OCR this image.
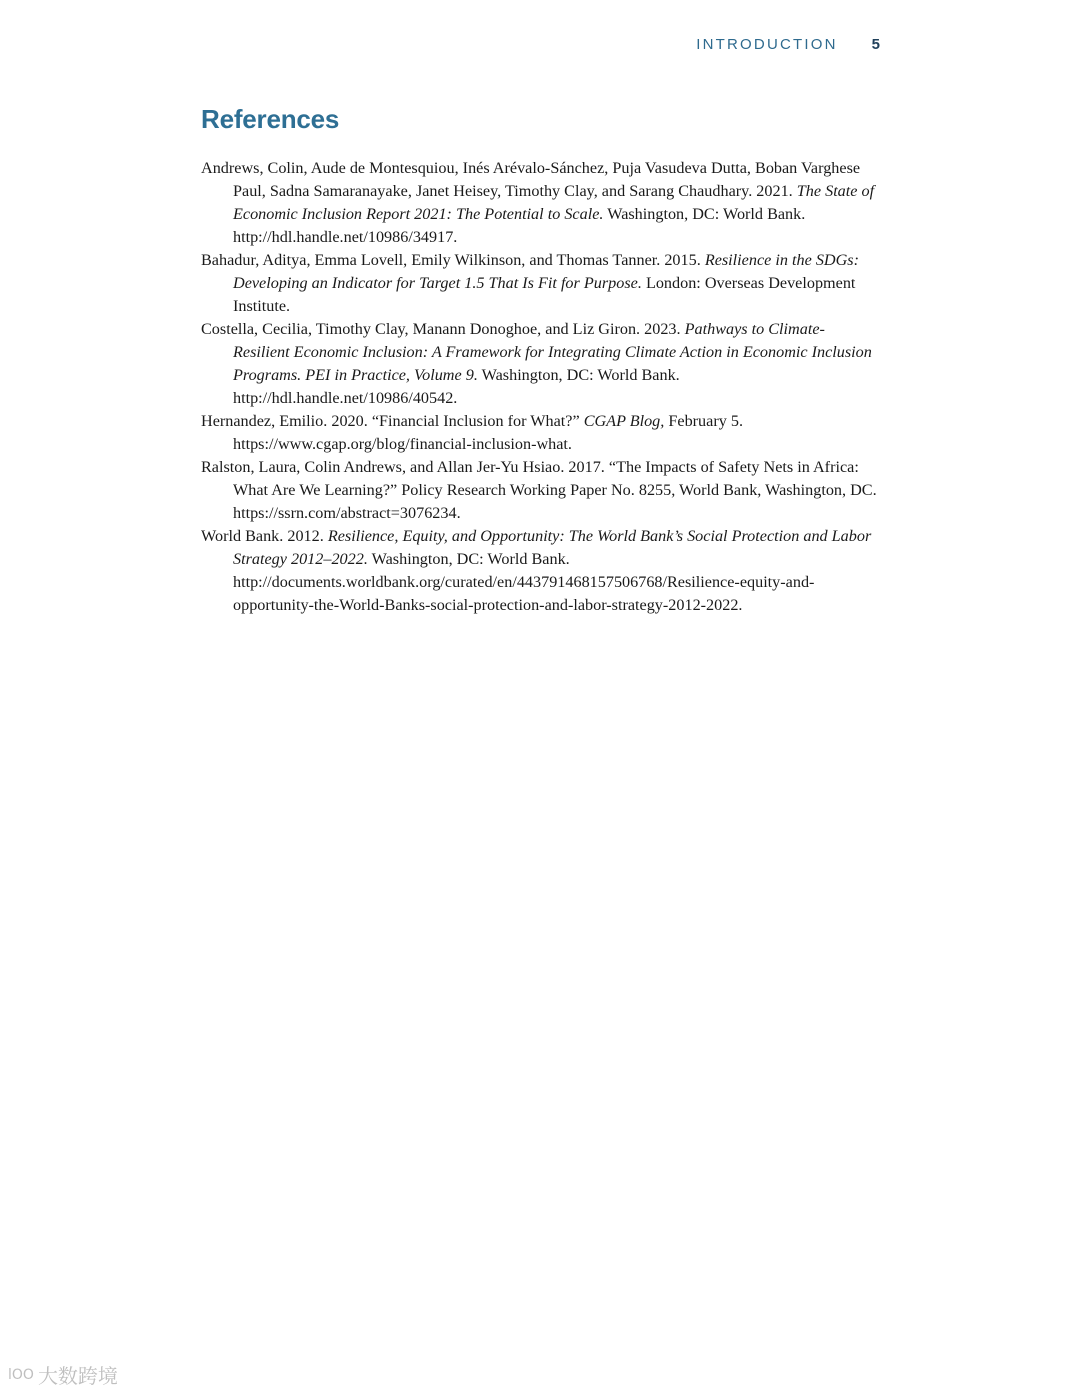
INTRODUCTION 5
References
Andrews, Colin, Aude de Montesquiou, Inés Arévalo-Sánchez, Puja Vasudeva Dutta, Boban Varghese Paul, Sadna Samaranayake, Janet Heisey, Timothy Clay, and Sarang Chaudhary. 2021. The State of Economic Inclusion Report 2021: The Potential to Scale. Washington, DC: World Bank. http://hdl.handle.net/10986/34917.
Bahadur, Aditya, Emma Lovell, Emily Wilkinson, and Thomas Tanner. 2015. Resilience in the SDGs: Developing an Indicator for Target 1.5 That Is Fit for Purpose. London: Overseas Development Institute.
Costella, Cecilia, Timothy Clay, Manann Donoghoe, and Liz Giron. 2023. Pathways to Climate-Resilient Economic Inclusion: A Framework for Integrating Climate Action in Economic Inclusion Programs. PEI in Practice, Volume 9. Washington, DC: World Bank. http://hdl.handle.net/10986/40542.
Hernandez, Emilio. 2020. “Financial Inclusion for What?” CGAP Blog, February 5. https://www.cgap.org/blog/financial-inclusion-what.
Ralston, Laura, Colin Andrews, and Allan Jer-Yu Hsiao. 2017. “The Impacts of Safety Nets in Africa: What Are We Learning?” Policy Research Working Paper No. 8255, World Bank, Washington, DC. https://ssrn.com/abstract=3076234.
World Bank. 2012. Resilience, Equity, and Opportunity: The World Bank’s Social Protection and Labor Strategy 2012–2022. Washington, DC: World Bank. http://documents.worldbank.org/curated/en/443791468157506768/Resilience-equity-and-opportunity-the-World-Banks-social-protection-and-labor-strategy-2012-2022.
lOO 大数跨境
